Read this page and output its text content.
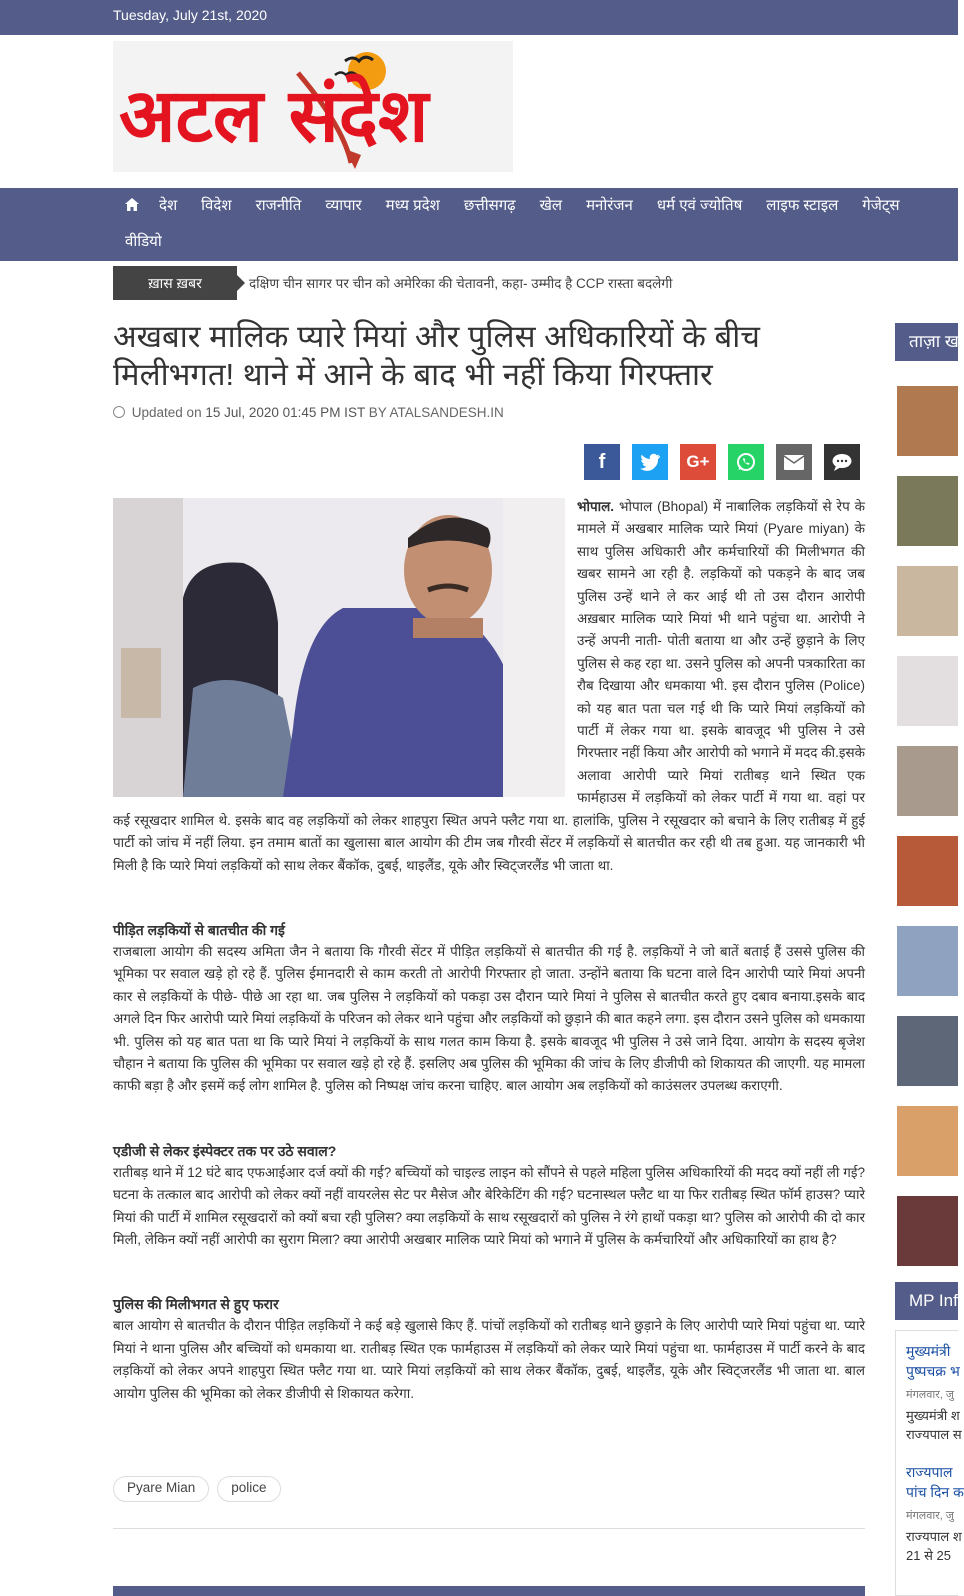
Tuesday, July 21st, 2020
अटल संदेश
देश	विदेश	राजनीति	व्यापार	मध्य प्रदेश	छत्तीसगढ़	खेल	मनोरंजन	धर्म एवं ज्योतिष	लाइफ स्टाइल	गेजेट्स
वीडियो
ख़ास ख़बर	दक्षिण चीन सागर पर चीन को अमेरिका की चेतावनी, कहा- उम्मीद है CCP रास्ता बदलेगी
अखबार मालिक प्यारे मियां और पुलिस अधिकारियों के बीच मिलीभगत! थाने में आने के बाद भी नहीं किया गिरफ्तार
Updated on 15 Jul, 2020 01:45 PM IST BY ATALSANDESH.IN
f	G+
भोपाल. भोपाल (Bhopal) में नाबालिक लड़कियों से रेप के मामले में अखबार मालिक प्यारे मियां (Pyare miyan) के साथ पुलिस अधिकारी और कर्मचारियों की मिलीभगत की खबर सामने आ रही है. लड़कियों को पकड़ने के बाद जब पुलिस उन्हें थाने ले कर आई थी तो उस दौरान आरोपी अख़बार मालिक प्यारे मियां भी थाने पहुंचा था. आरोपी ने उन्हें अपनी नाती- पोती बताया था और उन्हें छुड़ाने के लिए पुलिस से कह रहा था. उसने पुलिस को अपनी पत्रकारिता का रौब दिखाया और धमकाया भी. इस दौरान पुलिस (Police) को यह बात पता चल गई थी कि प्यारे मियां लड़कियों को पार्टी में लेकर गया था. इसके बावजूद भी पुलिस ने उसे गिरफ्तार नहीं किया और आरोपी को भगाने में मदद की.इसके अलावा आरोपी प्यारे मियां रातीबड़ थाने स्थित एक फार्महाउस में लड़कियों को लेकर पार्टी में गया था. वहां पर कई रसूखदार शामिल थे. इसके बाद वह लड़कियों को लेकर शाहपुरा स्थित अपने फ्लैट गया था. हालांकि, पुलिस ने रसूखदार को बचाने के लिए रातीबड़ में हुई पार्टी को जांच में नहीं लिया. इन तमाम बातों का खुलासा बाल आयोग की टीम जब गौरवी सेंटर में लड़कियों से बातचीत कर रही थी तब हुआ. यह जानकारी भी मिली है कि प्यारे मियां लड़कियों को साथ लेकर बैंकॉक, दुबई, थाइलैंड, यूके और स्विट्जरलैंड भी जाता था.
पीड़ित लड़कियों से बातचीत की गई

राजबाला आयोग की सदस्य अमिता जैन ने बताया कि गौरवी सेंटर में पीड़ित लड़कियों से बातचीत की गई है. लड़कियों ने जो बातें बताई हैं उससे पुलिस की भूमिका पर सवाल खड़े हो रहे हैं. पुलिस ईमानदारी से काम करती तो आरोपी गिरफ्तार हो जाता. उन्होंने बताया कि घटना वाले दिन आरोपी प्यारे मियां अपनी कार से लड़कियों के पीछे- पीछे आ रहा था. जब पुलिस ने लड़कियों को पकड़ा उस दौरान प्यारे मियां ने पुलिस से बातचीत करते हुए दबाव बनाया.इसके बाद अगले दिन फिर आरोपी प्यारे मियां लड़कियों के परिजन को लेकर थाने पहुंचा और लड़कियों को छुड़ाने की बात कहने लगा. इस दौरान उसने पुलिस को धमकाया भी. पुलिस को यह बात पता था कि प्यारे मियां ने लड़कियों के साथ गलत काम किया है. इसके बावजूद भी पुलिस ने उसे जाने दिया. आयोग के सदस्य बृजेश चौहान ने बताया कि पुलिस की भूमिका पर सवाल खड़े हो रहे हैं. इसलिए अब पुलिस की भूमिका की जांच के लिए डीजीपी को शिकायत की जाएगी. यह मामला काफी बड़ा है और इसमें कई लोग शामिल है. पुलिस को निष्पक्ष जांच करना चाहिए. बाल आयोग अब लड़कियों को काउंसलर उपलब्ध कराएगी.

एडीजी से लेकर इंस्पेक्टर तक पर उठे सवाल?

रातीबड़ थाने में 12 घंटे बाद एफआईआर दर्ज क्यों की गई? बच्चियों को चाइल्ड लाइन को सौंपने से पहले महिला पुलिस अधिकारियों की मदद क्यों नहीं ली गई? घटना के तत्काल बाद आरोपी को लेकर क्यों नहीं वायरलेस सेट पर मैसेज और बेरिकेटिंग की गई? घटनास्थल फ्लैट था या फिर रातीबड़ स्थित फॉर्म हाउस? प्यारे मियां की पार्टी में शामिल रसूखदारों को क्यों बचा रही पुलिस? क्या लड़कियों के साथ रसूखदारों को पुलिस ने रंगे हाथों पकड़ा था? पुलिस को आरोपी की दो कार मिली, लेकिन क्यों नहीं आरोपी का सुराग मिला? क्या आरोपी अखबार मालिक प्यारे मियां को भगाने में पुलिस के कर्मचारियों और अधिकारियों का हाथ है?

पुलिस की मिलीभगत से हुए फरार

बाल आयोग से बातचीत के दौरान पीड़ित लड़कियों ने कई बड़े खुलासे किए हैं. पांचों लड़कियों को रातीबड़ थाने छुड़ाने के लिए आरोपी प्यारे मियां पहुंचा था. प्यारे मियां ने थाना पुलिस और बच्चियों को धमकाया था. रातीबड़ स्थित एक फार्महाउस में लड़कियों को लेकर प्यारे मियां पहुंचा था. फार्महाउस में पार्टी करने के बाद लड़कियों को लेकर अपने शाहपुरा स्थित फ्लैट गया था. प्यारे मियां लड़कियों को साथ लेकर बैंकॉक, दुबई, थाइलैंड, यूके और स्विट्जरलैंड भी जाता था. बाल आयोग पुलिस की भूमिका को लेकर डीजीपी से शिकायत करेगा.

Pyare Mian	police
ताज़ा ख
MP Inf
मुख्यमंत्री
पुष्पचक्र भ
मंगलवार, जु
मुख्यमंत्री श
राज्यपाल स
राज्यपाल
पांच दिन क
मंगलवार, जु
राज्यपाल श
21 से 25
